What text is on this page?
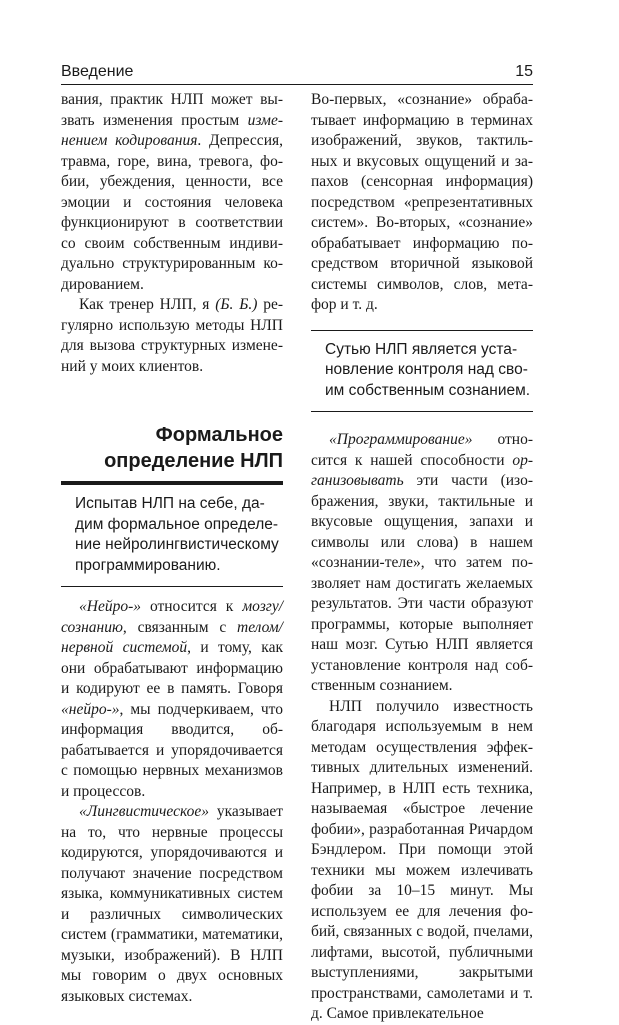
Введение	15

вания, практик НЛП может вызвать изменения простым изменением кодирования. Депрессия, травма, горе, вина, тревога, фобии, убеждения, ценности, все эмоции и состояния человека функционируют в соответствии со своим собственным индивидуально структурированным кодированием.

Как тренер НЛП, я (Б. Б.) регулярно использую методы НЛП для вызова структурных изменений у моих клиентов.

Формальное
определение НЛП
Испытав НЛП на себе, дадим формальное определение нейролингвистическому программированию.

«Нейро-» относится к мозгу/ сознанию, связанным с телом/ нервной системой, и тому, как они обрабатывают информацию и кодируют ее в память. Говоря «нейро-», мы подчеркиваем, что информация вводится, обрабатывается и упорядочивается с помощью нервных механизмов и процессов.

«Лингвистическое» указывает на то, что нервные процессы кодируются, упорядочиваются и получают значение посредством языка, коммуникативных систем и различных символических систем (грамматики, математики, музыки, изображений). В НЛП мы говорим о двух основных языковых системах.

Во-первых, «сознание» обрабатывает информацию в терминах изображений, звуков, тактильных и вкусовых ощущений и запахов (сенсорная информация) посредством «репрезентативных систем». Во-вторых, «сознание» обрабатывает информацию посредством вторичной языковой системы символов, слов, метафор и т. д.

Сутью НЛП является установление контроля над своим собственным сознанием.

«Программирование» относится к нашей способности организовывать эти части (изображения, звуки, тактильные и вкусовые ощущения, запахи и символы или слова) в нашем «сознании-теле», что затем позволяет нам достигать желаемых результатов. Эти части образуют программы, которые выполняет наш мозг. Сутью НЛП является установление контроля над собственным сознанием.

НЛП получило известность благодаря используемым в нем методам осуществления эффективных длительных изменений. Например, в НЛП есть техника, называемая «быстрое лечение фобии», разработанная Ричардом Бэндлером. При помощи этой техники мы можем излечивать фобии за 10–15 минут. Мы используем ее для лечения фобий, связанных с водой, пчелами, лифтами, высотой, публичными выступлениями, закрытыми пространствами, самолетами и т. д. Самое привлекательное
